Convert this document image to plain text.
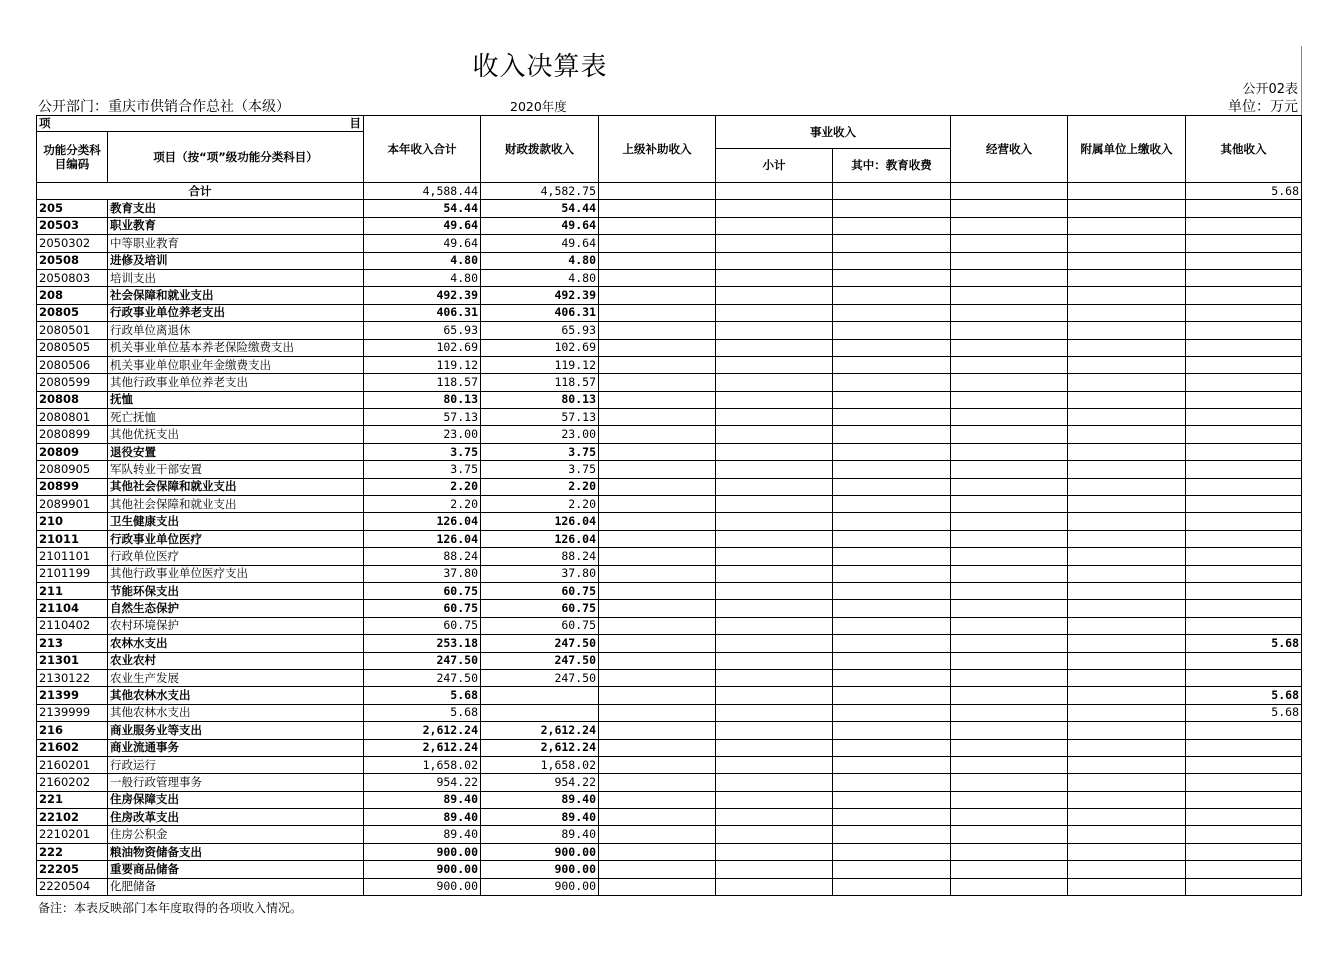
收入决算表
公开02表
公开部门：重庆市供销合作总社（本级）	2020年度	单位：万元
项 目		本年收入合计	财政拨款收入	上级补助收入	事业收入		经营收入	附属单位上缴收入	其他收入
功能分类科目编码	项目（按“项”级功能分类科目）								
					小计	其中：教育收费			
合计		4,588.44	4,582.75						5.68
205	教育支出	54.44	54.44						
20503	职业教育	49.64	49.64						
2050302	中等职业教育	49.64	49.64						
20508	进修及培训	4.80	4.80						
2050803	培训支出	4.80	4.80						
208	社会保障和就业支出	492.39	492.39						
20805	行政事业单位养老支出	406.31	406.31						
2080501	行政单位离退休	65.93	65.93						
2080505	机关事业单位基本养老保险缴费支出	102.69	102.69						
2080506	机关事业单位职业年金缴费支出	119.12	119.12						
2080599	其他行政事业单位养老支出	118.57	118.57						
20808	抚恤	80.13	80.13						
2080801	死亡抚恤	57.13	57.13						
2080899	其他优抚支出	23.00	23.00						
20809	退役安置	3.75	3.75						
2080905	军队转业干部安置	3.75	3.75						
20899	其他社会保障和就业支出	2.20	2.20						
2089901	其他社会保障和就业支出	2.20	2.20						
210	卫生健康支出	126.04	126.04						
21011	行政事业单位医疗	126.04	126.04						
2101101	行政单位医疗	88.24	88.24						
2101199	其他行政事业单位医疗支出	37.80	37.80						
211	节能环保支出	60.75	60.75						
21104	自然生态保护	60.75	60.75						
2110402	农村环境保护	60.75	60.75						
213	农林水支出	253.18	247.50						5.68
21301	农业农村	247.50	247.50						
2130122	农业生产发展	247.50	247.50						
21399	其他农林水支出	5.68							5.68
2139999	其他农林水支出	5.68							5.68
216	商业服务业等支出	2,612.24	2,612.24						
21602	商业流通事务	2,612.24	2,612.24						
2160201	行政运行	1,658.02	1,658.02						
2160202	一般行政管理事务	954.22	954.22						
221	住房保障支出	89.40	89.40						
22102	住房改革支出	89.40	89.40						
2210201	住房公积金	89.40	89.40						
222	粮油物资储备支出	900.00	900.00						
22205	重要商品储备	900.00	900.00						
2220504	化肥储备	900.00	900.00						
备注：本表反映部门本年度取得的各项收入情况。
